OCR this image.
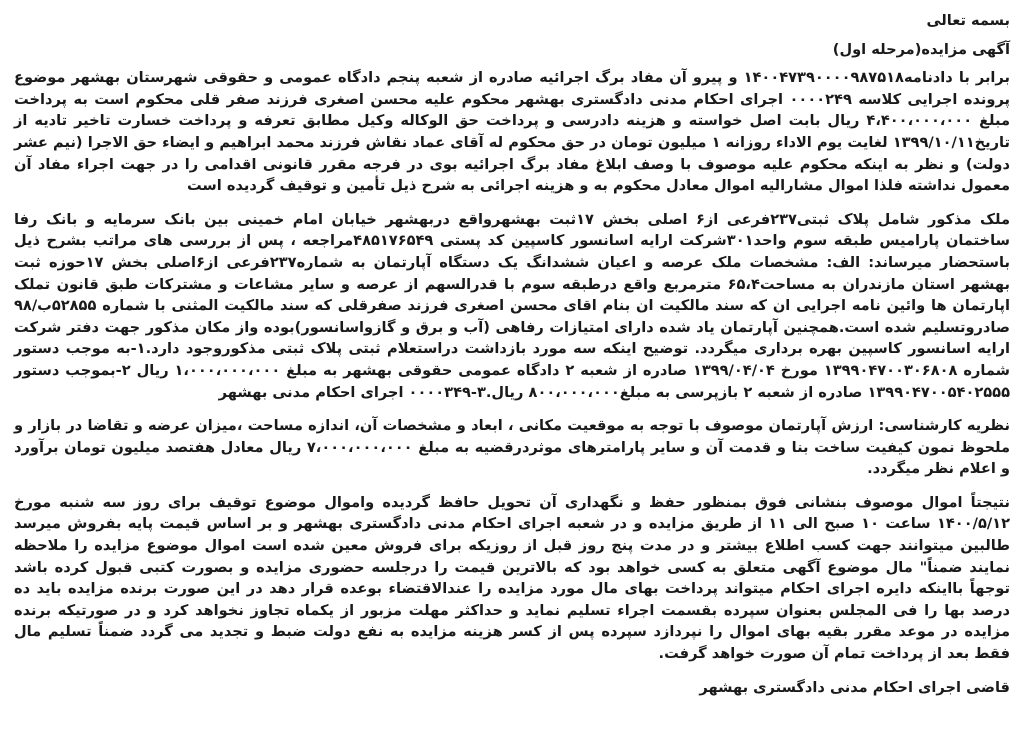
بسمه تعالی
آگهی مزایده(مرحله اول)
برابر با دادنامه۱۴۰۰۴۷۳۹۰۰۰۰۹۸۷۵۱۸ و پیرو آن مفاد برگ اجرائیه صادره از شعبه پنجم دادگاه عمومی و حقوقی شهرستان بهشهر موضوع پرونده اجرایی کلاسه ۰۰۰۰۲۴۹ اجرای احکام مدنی دادگستری بهشهر محکوم علیه محسن اصغری فرزند صفر قلی محکوم است به پرداخت مبلغ ۴،۴۰۰،۰۰۰،۰۰۰ ریال بابت اصل خواسته و هزینه دادرسی و پرداخت حق الوکاله وکیل مطابق تعرفه و پرداخت خسارت تاخیر تادیه از تاریخ۱۳۹۹/۱۰/۱۱ لغایت یوم الاداء روزانه ۱ میلیون تومان در حق محکوم له آقای عماد نقاش فرزند محمد ابراهیم و ایضاء حق الاجرا (نیم عشر دولت) و نظر به اینکه محکوم علیه موصوف با وصف ابلاغ مفاد برگ اجرائیه بوی در فرجه مقرر قانونی اقدامی را در جهت اجراء مفاد آن معمول نداشته فلذا اموال مشارالیه اموال معادل محکوم به و هزینه اجرائی به شرح ذیل تأمین و توقیف گردیده است
ملک مذکور شامل پلاک ثبتی۲۳۷فرعی از۶ اصلی بخش ۱۷ثبت بهشهرواقع دربهشهر خیابان امام خمینی بین بانک سرمایه و بانک رفا ساختمان پارامیس طبقه سوم واحد۳۰۱شرکت ارایه اسانسور کاسپین کد پستی ۴۸۵۱۷۶۵۴۹مراجعه ، پس از بررسی های مراتب بشرح ذیل باستحضار میرساند: الف: مشخصات ملک عرصه و اعیان ششدانگ یک دستگاه آپارتمان به شماره۲۳۷فرعی از۶اصلی بخش ۱۷حوزه ثبت بهشهر استان مازندران به مساحت۶۵،۴ مترمربع واقع درطبقه سوم با قدرالسهم از عرصه و سایر مشاعات و مشترکات طبق قانون تملک اپارتمان ها وائین نامه اجرایی ان که سند مالکیت ان بنام اقای محسن اصغری فرزند صفرقلی که سند مالکیت المثنی با شماره ۵۲۸۵۵ب/۹۸ صادروتسلیم شده است.همچنین آپارتمان یاد شده دارای امتیازات رفاهی (آب و برق و گازواسانسور)بوده واز مکان مذکور جهت دفتر شرکت ارایه اسانسور کاسپین بهره برداری میگردد. توضیح اینکه سه مورد بازداشت دراستعلام ثبتی پلاک ثبتی مذکوروجود دارد.۱-به موجب دستور شماره ۱۳۹۹۰۴۷۰۰۳۰۶۸۰۸ مورخ ۱۳۹۹/۰۴/۰۴ صادره از شعبه ۲ دادگاه عمومی حقوقی بهشهر به مبلغ ۱،۰۰۰،۰۰۰،۰۰۰ ریال ۲-بموجب دستور ۱۳۹۹۰۴۷۰۰۵۴۰۲۵۵۵ صادره از شعبه ۲ بازپرسی به مبلغ۸۰۰،۰۰۰،۰۰۰ ریال.۳-۰۰۰۰۳۴۹ اجرای احکام مدنی بهشهر
نظریه کارشناسی: ارزش آپارتمان موصوف با توجه به موقعیت مکانی ، ابعاد و مشخصات آن، اندازه مساحت ،میزان عرضه و تقاضا در بازار و ملحوظ نمون کیفیت ساخت بنا و قدمت آن و سایر پارامترهای موثردرقضیه به مبلغ ۷،۰۰۰،۰۰۰،۰۰۰ ریال معادل هفتصد میلیون تومان برآورد و اعلام نظر میگردد.
نتیجتاً اموال موصوف بنشانی فوق بمنظور حفظ و نگهداری آن تحویل حافظ گردیده واموال موضوع توقیف برای روز سه شنبه مورخ ۱۴۰۰/۵/۱۲ ساعت ۱۰ صبح الی ۱۱ از طریق مزایده و در شعبه اجرای احکام مدنی دادگستری بهشهر و بر اساس قیمت پایه بفروش میرسد طالبین میتوانند جهت کسب اطلاع بیشتر و در مدت پنج روز قبل از روزیکه برای فروش معین شده است اموال موضوع مزایده را ملاحظه نمایند ضمناً" مال موضوع آگهی متعلق به کسی خواهد بود که بالاترین قیمت را درجلسه حضوری مزایده و بصورت کتبی قبول کرده باشد توجهاً بااینکه دایره اجرای احکام میتواند پرداخت بهای مال مورد مزایده را عندالاقتضاء بوعده قرار دهد در این صورت برنده مزایده باید ده درصد بها را فی المجلس بعنوان سپرده بقسمت اجراء تسلیم نماید و حداکثر مهلت مزبور از یکماه تجاوز نخواهد کرد و در صورتیکه برنده مزایده در موعد مقرر بقیه بهای اموال را نپردازد سپرده پس از کسر هزینه مزایده به نفع دولت ضبط و تجدید می گردد ضمناً تسلیم مال فقط بعد از پرداخت تمام آن صورت خواهد گرفت.
قاضی اجرای احکام مدنی دادگستری بهشهر
